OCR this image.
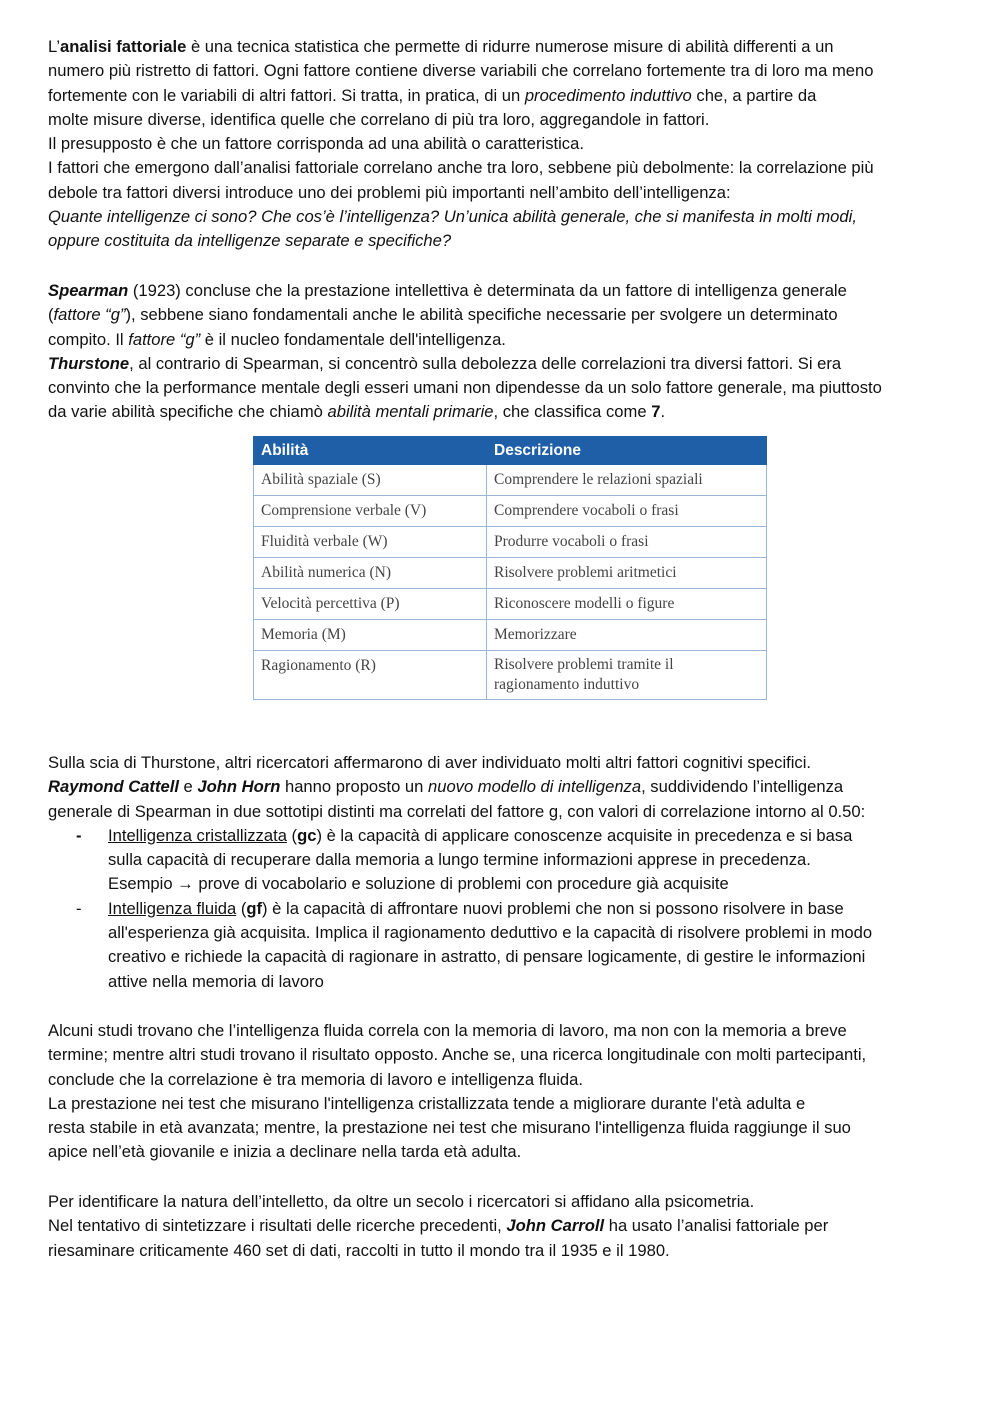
L’analisi fattoriale è una tecnica statistica che permette di ridurre numerose misure di abilità differenti a un

numero più ristretto di fattori. Ogni fattore contiene diverse variabili che correlano fortemente tra di loro ma meno

fortemente con le variabili di altri fattori. Si tratta, in pratica, di un procedimento induttivo che, a partire da

molte misure diverse, identifica quelle che correlano di più tra loro, aggregandole in fattori.

Il presupposto è che un fattore corrisponda ad una abilità o caratteristica.

I fattori che emergono dall’analisi fattoriale correlano anche tra loro, sebbene più debolmente: la correlazione più

debole tra fattori diversi introduce uno dei problemi più importanti nell’ambito dell’intelligenza:

Quante intelligenze ci sono? Che cos’è l’intelligenza? Un’unica abilità generale, che si manifesta in molti modi,

oppure costituita da intelligenze separate e specifiche?

Spearman (1923) concluse che la prestazione intellettiva è determinata da un fattore di intelligenza generale

(fattore “g”), sebbene siano fondamentali anche le abilità specifiche necessarie per svolgere un determinato

compito. Il fattore “g” è il nucleo fondamentale dell'intelligenza.

Thurstone, al contrario di Spearman, si concentrò sulla debolezza delle correlazioni tra diversi fattori. Si era

convinto che la performance mentale degli esseri umani non dipendesse da un solo fattore generale, ma piuttosto

da varie abilità specifiche che chiamò abilità mentali primarie, che classifica come 7.

Abilità	Descrizione
Abilità spaziale (S)	Comprendere le relazioni spaziali
Comprensione verbale (V)	Comprendere vocaboli o frasi
Fluidità verbale (W)	Produrre vocaboli o frasi
Abilità numerica (N)	Risolvere problemi aritmetici
Velocità percettiva (P)	Riconoscere modelli o figure
Memoria (M)	Memorizzare
Ragionamento (R)	Risolvere problemi tramite il
ragionamento induttivo

Sulla scia di Thurstone, altri ricercatori affermarono di aver individuato molti altri fattori cognitivi specifici.

Raymond Cattell e John Horn hanno proposto un nuovo modello di intelligenza, suddividendo l’intelligenza

generale di Spearman in due sottotipi distinti ma correlati del fattore g, con valori di correlazione intorno al 0.50:

- Intelligenza cristallizzata (gc) è la capacità di applicare conoscenze acquisite in precedenza e si basa

sulla capacità di recuperare dalla memoria a lungo termine informazioni apprese in precedenza.

Esempio → prove di vocabolario e soluzione di problemi con procedure già acquisite

- Intelligenza fluida (gf) è la capacità di affrontare nuovi problemi che non si possono risolvere in base

all'esperienza già acquisita. Implica il ragionamento deduttivo e la capacità di risolvere problemi in modo

creativo e richiede la capacità di ragionare in astratto, di pensare logicamente, di gestire le informazioni

attive nella memoria di lavoro

Alcuni studi trovano che l’intelligenza fluida correla con la memoria di lavoro, ma non con la memoria a breve

termine; mentre altri studi trovano il risultato opposto. Anche se, una ricerca longitudinale con molti partecipanti,

conclude che la correlazione è tra memoria di lavoro e intelligenza fluida.

La prestazione nei test che misurano l'intelligenza cristallizzata tende a migliorare durante l'età adulta e

resta stabile in età avanzata; mentre, la prestazione nei test che misurano l'intelligenza fluida raggiunge il suo

apice nell’età giovanile e inizia a declinare nella tarda età adulta.

Per identificare la natura dell’intelletto, da oltre un secolo i ricercatori si affidano alla psicometria.

Nel tentativo di sintetizzare i risultati delle ricerche precedenti, John Carroll ha usato l’analisi fattoriale per

riesaminare criticamente 460 set di dati, raccolti in tutto il mondo tra il 1935 e il 1980.
